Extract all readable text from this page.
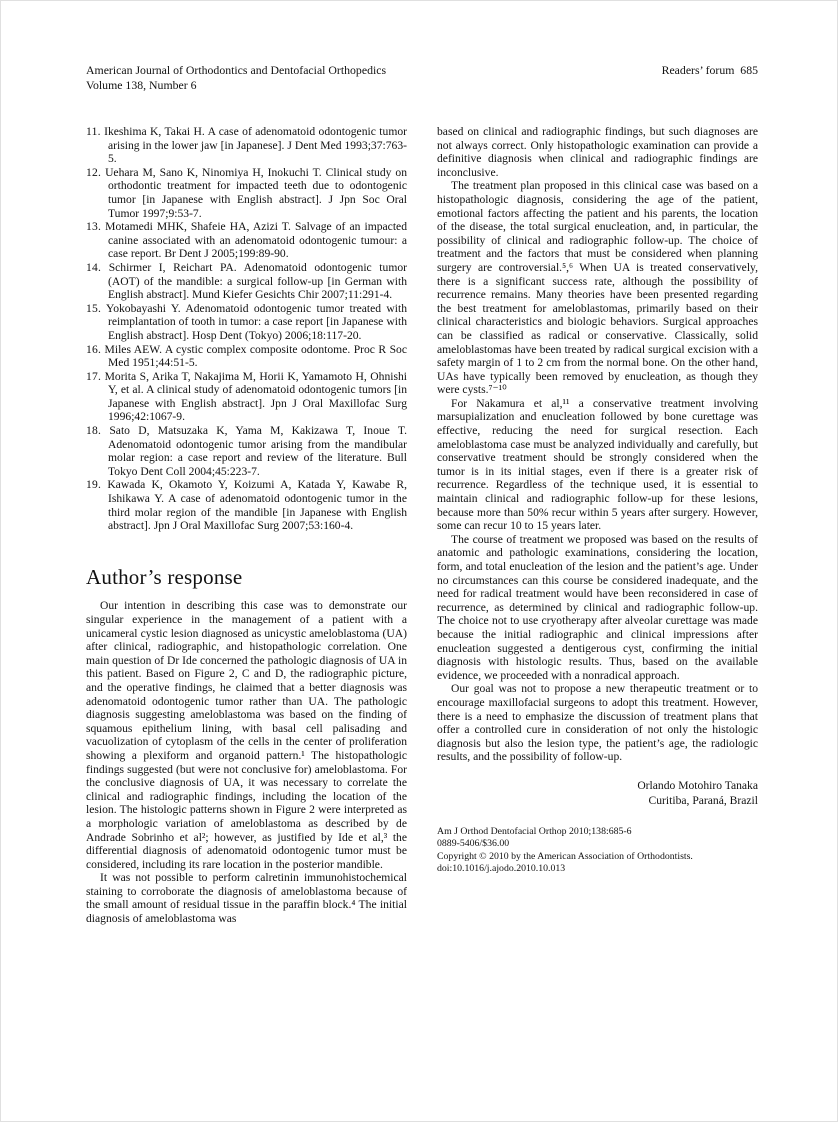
American Journal of Orthodontics and Dentofacial Orthopedics
Volume 138, Number 6
Readers’ forum  685
11. Ikeshima K, Takai H. A case of adenomatoid odontogenic tumor arising in the lower jaw [in Japanese]. J Dent Med 1993;37:763-5.
12. Uehara M, Sano K, Ninomiya H, Inokuchi T. Clinical study on orthodontic treatment for impacted teeth due to odontogenic tumor [in Japanese with English abstract]. J Jpn Soc Oral Tumor 1997;9:53-7.
13. Motamedi MHK, Shafeie HA, Azizi T. Salvage of an impacted canine associated with an adenomatoid odontogenic tumour: a case report. Br Dent J 2005;199:89-90.
14. Schirmer I, Reichart PA. Adenomatoid odontogenic tumor (AOT) of the mandible: a surgical follow-up [in German with English abstract]. Mund Kiefer Gesichts Chir 2007;11:291-4.
15. Yokobayashi Y. Adenomatoid odontogenic tumor treated with reimplantation of tooth in tumor: a case report [in Japanese with English abstract]. Hosp Dent (Tokyo) 2006;18:117-20.
16. Miles AEW. A cystic complex composite odontome. Proc R Soc Med 1951;44:51-5.
17. Morita S, Arika T, Nakajima M, Horii K, Yamamoto H, Ohnishi Y, et al. A clinical study of adenomatoid odontogenic tumors [in Japanese with English abstract]. Jpn J Oral Maxillofac Surg 1996;42:1067-9.
18. Sato D, Matsuzaka K, Yama M, Kakizawa T, Inoue T. Adenomatoid odontogenic tumor arising from the mandibular molar region: a case report and review of the literature. Bull Tokyo Dent Coll 2004;45:223-7.
19. Kawada K, Okamoto Y, Koizumi A, Katada Y, Kawabe R, Ishikawa Y. A case of adenomatoid odontogenic tumor in the third molar region of the mandible [in Japanese with English abstract]. Jpn J Oral Maxillofac Surg 2007;53:160-4.
Author’s response

Our intention in describing this case was to demonstrate our singular experience in the management of a patient with a unicameral cystic lesion diagnosed as unicystic ameloblastoma (UA) after clinical, radiographic, and histopathologic correlation. One main question of Dr Ide concerned the pathologic diagnosis of UA in this patient. Based on Figure 2, C and D, the radiographic picture, and the operative findings, he claimed that a better diagnosis was adenomatoid odontogenic tumor rather than UA. The pathologic diagnosis suggesting ameloblastoma was based on the finding of squamous epithelium lining, with basal cell palisading and vacuolization of cytoplasm of the cells in the center of proliferation showing a plexiform and organoid pattern.¹ The histopathologic findings suggested (but were not conclusive for) ameloblastoma. For the conclusive diagnosis of UA, it was necessary to correlate the clinical and radiographic findings, including the location of the lesion. The histologic patterns shown in Figure 2 were interpreted as a morphologic variation of ameloblastoma as described by de Andrade Sobrinho et al²; however, as justified by Ide et al,³ the differential diagnosis of adenomatoid odontogenic tumor must be considered, including its rare location in the posterior mandible.

It was not possible to perform calretinin immunohistochemical staining to corroborate the diagnosis of ameloblastoma because of the small amount of residual tissue in the paraffin block.⁴ The initial diagnosis of ameloblastoma was

based on clinical and radiographic findings, but such diagnoses are not always correct. Only histopathologic examination can provide a definitive diagnosis when clinical and radiographic findings are inconclusive.

The treatment plan proposed in this clinical case was based on a histopathologic diagnosis, considering the age of the patient, emotional factors affecting the patient and his parents, the location of the disease, the total surgical enucleation, and, in particular, the possibility of clinical and radiographic follow-up. The choice of treatment and the factors that must be considered when planning surgery are controversial.⁵,⁶ When UA is treated conservatively, there is a significant success rate, although the possibility of recurrence remains. Many theories have been presented regarding the best treatment for ameloblastomas, primarily based on their clinical characteristics and biologic behaviors. Surgical approaches can be classified as radical or conservative. Classically, solid ameloblastomas have been treated by radical surgical excision with a safety margin of 1 to 2 cm from the normal bone. On the other hand, UAs have typically been removed by enucleation, as though they were cysts.⁷⁻¹⁰

For Nakamura et al,¹¹ a conservative treatment involving marsupialization and enucleation followed by bone curettage was effective, reducing the need for surgical resection. Each ameloblastoma case must be analyzed individually and carefully, but conservative treatment should be strongly considered when the tumor is in its initial stages, even if there is a greater risk of recurrence. Regardless of the technique used, it is essential to maintain clinical and radiographic follow-up for these lesions, because more than 50% recur within 5 years after surgery. However, some can recur 10 to 15 years later.

The course of treatment we proposed was based on the results of anatomic and pathologic examinations, considering the location, form, and total enucleation of the lesion and the patient’s age. Under no circumstances can this course be considered inadequate, and the need for radical treatment would have been reconsidered in case of recurrence, as determined by clinical and radiographic follow-up. The choice not to use cryotherapy after alveolar curettage was made because the initial radiographic and clinical impressions after enucleation suggested a dentigerous cyst, confirming the initial diagnosis with histologic results. Thus, based on the available evidence, we proceeded with a nonradical approach.

Our goal was not to propose a new therapeutic treatment or to encourage maxillofacial surgeons to adopt this treatment. However, there is a need to emphasize the discussion of treatment plans that offer a controlled cure in consideration of not only the histologic diagnosis but also the lesion type, the patient’s age, the radiologic results, and the possibility of follow-up.

Orlando Motohiro Tanaka
Curitiba, Paraná, Brazil
Am J Orthod Dentofacial Orthop 2010;138:685-6
0889-5406/$36.00
Copyright © 2010 by the American Association of Orthodontists.
doi:10.1016/j.ajodo.2010.10.013
